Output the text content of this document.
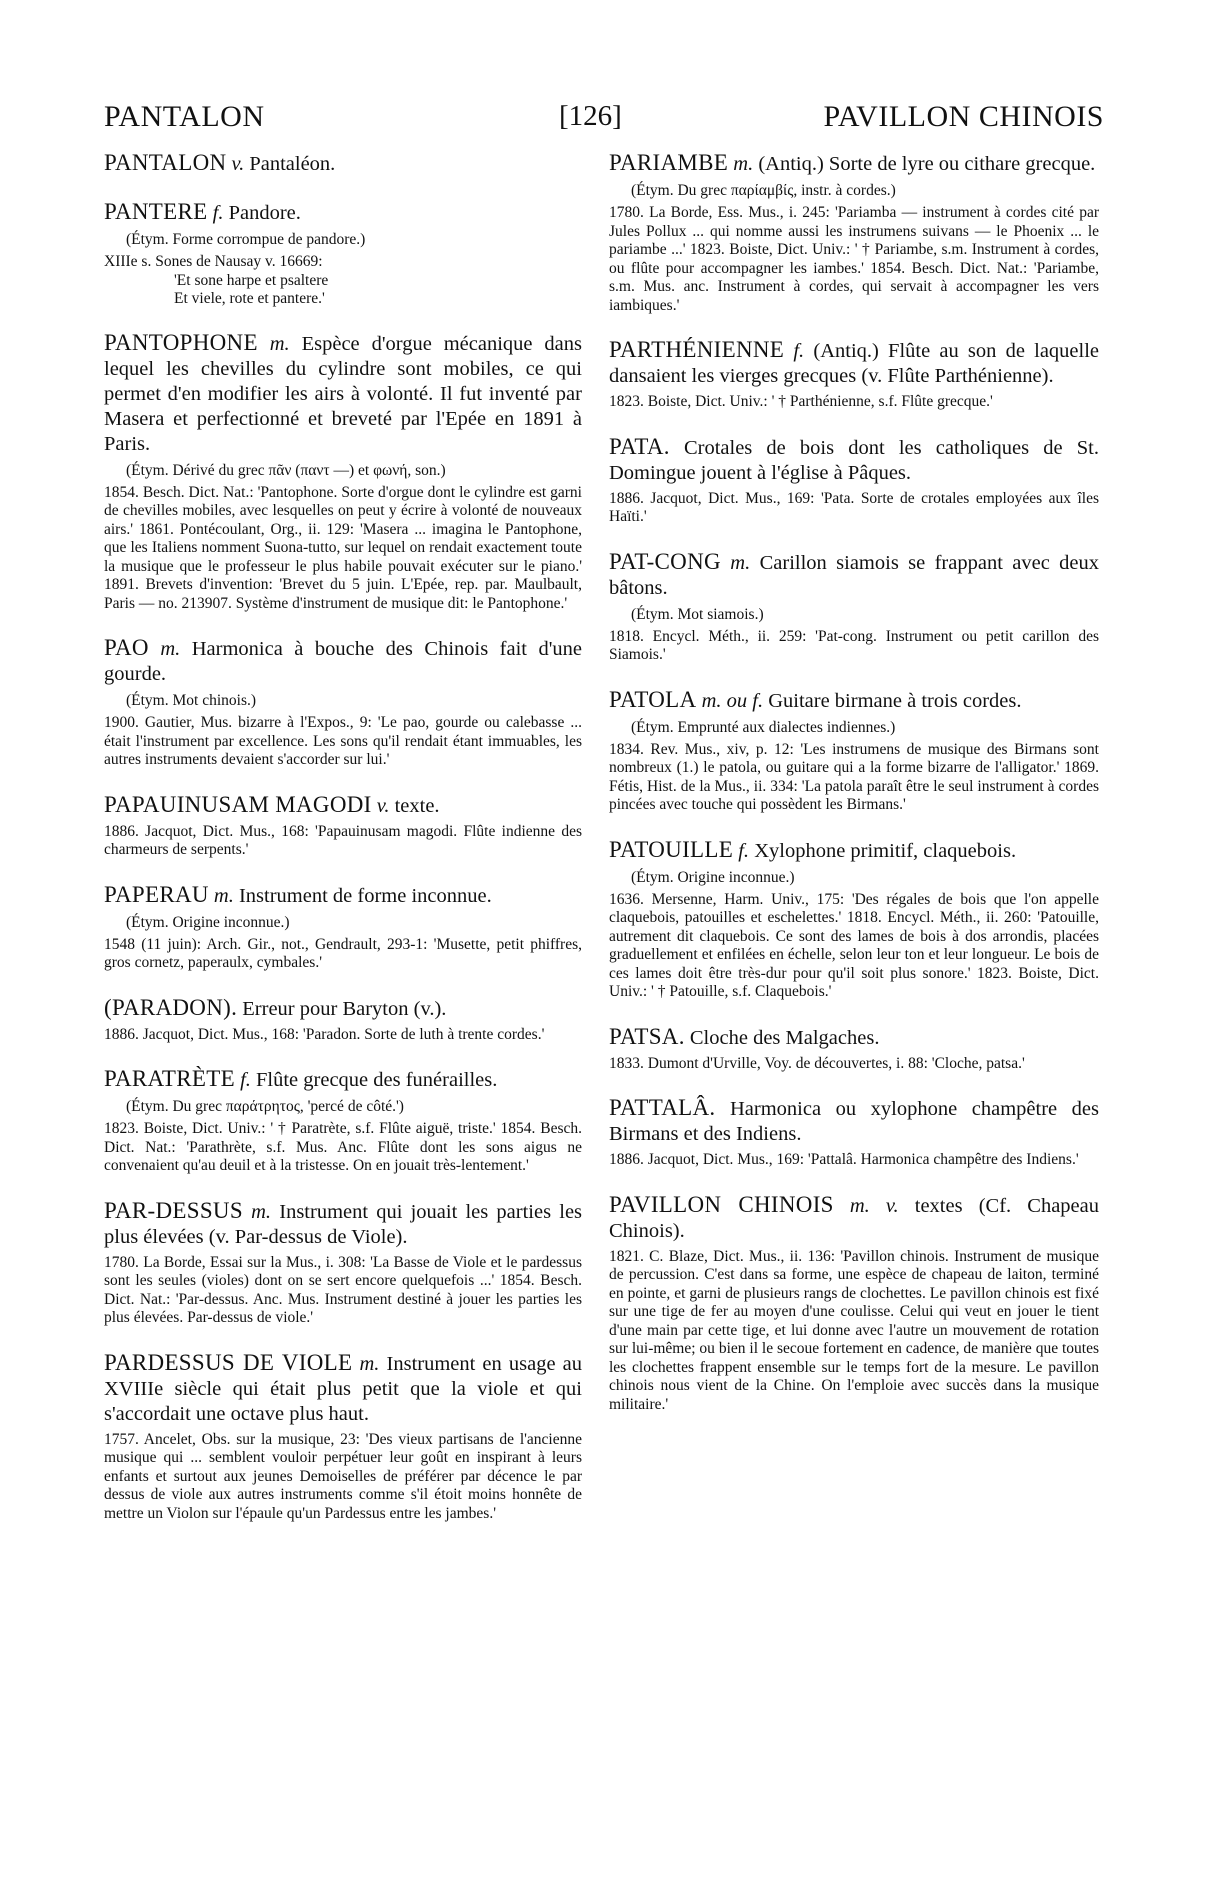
PANTALON	[126]	PAVILLON CHINOIS

PANTALON v. Pantaléon.

PANTERE f. Pandore.

(Étym. Forme corrompue de pandore.)
XIIIe s. Sones de Nausay v. 16669:
'Et sone harpe et psaltere
Et viele, rote et pantere.'

PANTOPHONE m. Espèce d'orgue mécanique dans lequel les chevilles du cylindre sont mobiles, ce qui permet d'en modifier les airs à volonté. Il fut inventé par Masera et perfectionné et breveté par l'Epée en 1891 à Paris.

(Étym. Dérivé du grec πᾶν (παντ —) et φωνή, son.)
1854. Besch. Dict. Nat.: 'Pantophone. Sorte d'orgue dont le cylindre est garni de chevilles mobiles, avec lesquelles on peut y écrire à volonté de nouveaux airs.' 1861. Pontécoulant, Org., ii. 129: 'Masera ... imagina le Pantophone, que les Italiens nomment Suona-tutto, sur lequel on rendait exactement toute la musique que le professeur le plus habile pouvait exécuter sur le piano.' 1891. Brevets d'invention: 'Brevet du 5 juin. L'Epée, rep. par. Maulbault, Paris — no. 213907. Système d'instrument de musique dit: le Pantophone.'

PAO m. Harmonica à bouche des Chinois fait d'une gourde.

(Étym. Mot chinois.)
1900. Gautier, Mus. bizarre à l'Expos., 9: 'Le pao, gourde ou calebasse ... était l'instrument par excellence. Les sons qu'il rendait étant immuables, les autres instruments devaient s'accorder sur lui.'

PAPAUINUSAM MAGODI v. texte.

1886. Jacquot, Dict. Mus., 168: 'Papauinusam magodi. Flûte indienne des charmeurs de serpents.'

PAPERAU m. Instrument de forme inconnue.

(Étym. Origine inconnue.)
1548 (11 juin): Arch. Gir., not., Gendrault, 293-1: 'Musette, petit phiffres, gros cornetz, paperaulx, cymbales.'

(PARADON). Erreur pour Baryton (v.).

1886. Jacquot, Dict. Mus., 168: 'Paradon. Sorte de luth à trente cordes.'

PARATRÈTE f. Flûte grecque des funérailles.

(Étym. Du grec παράτρητος, 'percé de côté.')
1823. Boiste, Dict. Univ.: ' † Paratrète, s.f. Flûte aiguë, triste.' 1854. Besch. Dict. Nat.: 'Parathrète, s.f. Mus. Anc. Flûte dont les sons aigus ne convenaient qu'au deuil et à la tristesse. On en jouait très-lentement.'

PAR-DESSUS m. Instrument qui jouait les parties les plus élevées (v. Par-dessus de Viole).

1780. La Borde, Essai sur la Mus., i. 308: 'La Basse de Viole et le pardessus sont les seules (violes) dont on se sert encore quelquefois ...' 1854. Besch. Dict. Nat.: 'Par-dessus. Anc. Mus. Instrument destiné à jouer les parties les plus élevées. Par-dessus de viole.'

PARDESSUS DE VIOLE m. Instrument en usage au XVIIIe siècle qui était plus petit que la viole et qui s'accordait une octave plus haut.

1757. Ancelet, Obs. sur la musique, 23: 'Des vieux partisans de l'ancienne musique qui ... semblent vouloir perpétuer leur goût en inspirant à leurs enfants et surtout aux jeunes Demoiselles de préférer par décence le par dessus de viole aux autres instruments comme s'il étoit moins honnête de mettre un Violon sur l'épaule qu'un Pardessus entre les jambes.'

PARIAMBE m. (Antiq.) Sorte de lyre ou cithare grecque.

(Étym. Du grec παρίαμβίς, instr. à cordes.)
1780. La Borde, Ess. Mus., i. 245: 'Pariamba — instrument à cordes cité par Jules Pollux ... qui nomme aussi les instrumens suivans — le Phoenix ... le pariambe ...' 1823. Boiste, Dict. Univ.: ' † Pariambe, s.m. Instrument à cordes, ou flûte pour accompagner les iambes.' 1854. Besch. Dict. Nat.: 'Pariambe, s.m. Mus. anc. Instrument à cordes, qui servait à accompagner les vers iambiques.'

PARTHÉNIENNE f. (Antiq.) Flûte au son de laquelle dansaient les vierges grecques (v. Flûte Parthénienne).

1823. Boiste, Dict. Univ.: ' † Parthénienne, s.f. Flûte grecque.'

PATA. Crotales de bois dont les catholiques de St. Domingue jouent à l'église à Pâques.

1886. Jacquot, Dict. Mus., 169: 'Pata. Sorte de crotales employées aux îles Haïti.'

PAT-CONG m. Carillon siamois se frappant avec deux bâtons.

(Étym. Mot siamois.)
1818. Encycl. Méth., ii. 259: 'Pat-cong. Instrument ou petit carillon des Siamois.'

PATOLA m. ou f. Guitare birmane à trois cordes.

(Étym. Emprunté aux dialectes indiennes.)
1834. Rev. Mus., xiv, p. 12: 'Les instrumens de musique des Birmans sont nombreux (1.) le patola, ou guitare qui a la forme bizarre de l'alligator.' 1869. Fétis, Hist. de la Mus., ii. 334: 'La patola paraît être le seul instrument à cordes pincées avec touche qui possèdent les Birmans.'

PATOUILLE f. Xylophone primitif, claquebois.

(Étym. Origine inconnue.)
1636. Mersenne, Harm. Univ., 175: 'Des régales de bois que l'on appelle claquebois, patouilles et eschelettes.' 1818. Encycl. Méth., ii. 260: 'Patouille, autrement dit claquebois. Ce sont des lames de bois à dos arrondis, placées graduellement et enfilées en échelle, selon leur ton et leur longueur. Le bois de ces lames doit être très-dur pour qu'il soit plus sonore.' 1823. Boiste, Dict. Univ.: ' † Patouille, s.f. Claquebois.'

PATSA. Cloche des Malgaches.

1833. Dumont d'Urville, Voy. de découvertes, i. 88: 'Cloche, patsa.'

PATTALÂ. Harmonica ou xylophone champêtre des Birmans et des Indiens.

1886. Jacquot, Dict. Mus., 169: 'Pattalâ. Harmonica champêtre des Indiens.'

PAVILLON CHINOIS m. v. textes (Cf. Chapeau Chinois).

1821. C. Blaze, Dict. Mus., ii. 136: 'Pavillon chinois. Instrument de musique de percussion. C'est dans sa forme, une espèce de chapeau de laiton, terminé en pointe, et garni de plusieurs rangs de clochettes. Le pavillon chinois est fixé sur une tige de fer au moyen d'une coulisse. Celui qui veut en jouer le tient d'une main par cette tige, et lui donne avec l'autre un mouvement de rotation sur lui-même; ou bien il le secoue fortement en cadence, de manière que toutes les clochettes frappent ensemble sur le temps fort de la mesure. Le pavillon chinois nous vient de la Chine. On l'emploie avec succès dans la musique militaire.'
